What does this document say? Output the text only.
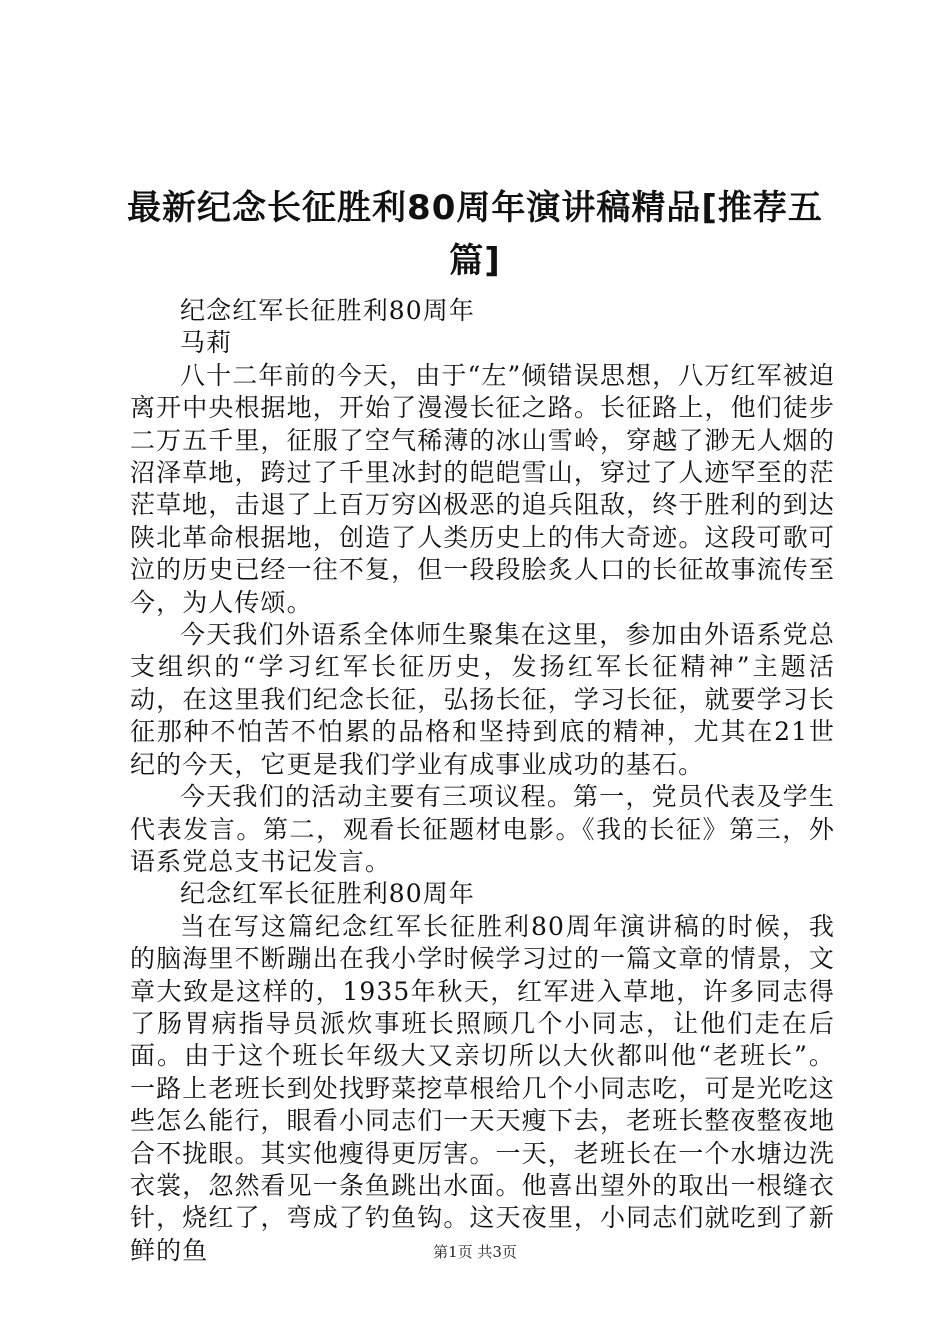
最新纪念长征胜利80周年演讲稿精品[推荐五篇]

纪念红军长征胜利80周年

马莉

八十二年前的今天，由于“左”倾错误思想，八万红军被迫离开中央根据地，开始了漫漫长征之路。长征路上，他们徒步二万五千里，征服了空气稀薄的冰山雪岭，穿越了渺无人烟的沼泽草地，跨过了千里冰封的皑皑雪山，穿过了人迹罕至的茫茫草地，击退了上百万穷凶极恶的追兵阻敌，终于胜利的到达陕北革命根据地，创造了人类历史上的伟大奇迹。这段可歌可泣的历史已经一往不复，但一段段脍炙人口的长征故事流传至今，为人传颂。

今天我们外语系全体师生聚集在这里，参加由外语系党总支组织的“学习红军长征历史，发扬红军长征精神”主题活动，在这里我们纪念长征，弘扬长征，学习长征，就要学习长征那种不怕苦不怕累的品格和坚持到底的精神，尤其在21世纪的今天，它更是我们学业有成事业成功的基石。

今天我们的活动主要有三项议程。第一，党员代表及学生代表发言。第二，观看长征题材电影。《我的长征》第三，外语系党总支书记发言。

纪念红军长征胜利80周年

当在写这篇纪念红军长征胜利80周年演讲稿的时候，我的脑海里不断蹦出在我小学时候学习过的一篇文章的情景，文章大致是这样的，1935年秋天，红军进入草地，许多同志得了肠胃病指导员派炊事班长照顾几个小同志，让他们走在后面。由于这个班长年级大又亲切所以大伙都叫他“老班长”。一路上老班长到处找野菜挖草根给几个小同志吃，可是光吃这些怎么能行，眼看小同志们一天天瘦下去，老班长整夜整夜地合不拢眼。其实他瘦得更厉害。一天，老班长在一个水塘边洗衣裳，忽然看见一条鱼跳出水面。他喜出望外的取出一根缝衣针，烧红了，弯成了钓鱼钩。这天夜里，小同志们就吃到了新鲜的鱼	第1页 共3页
